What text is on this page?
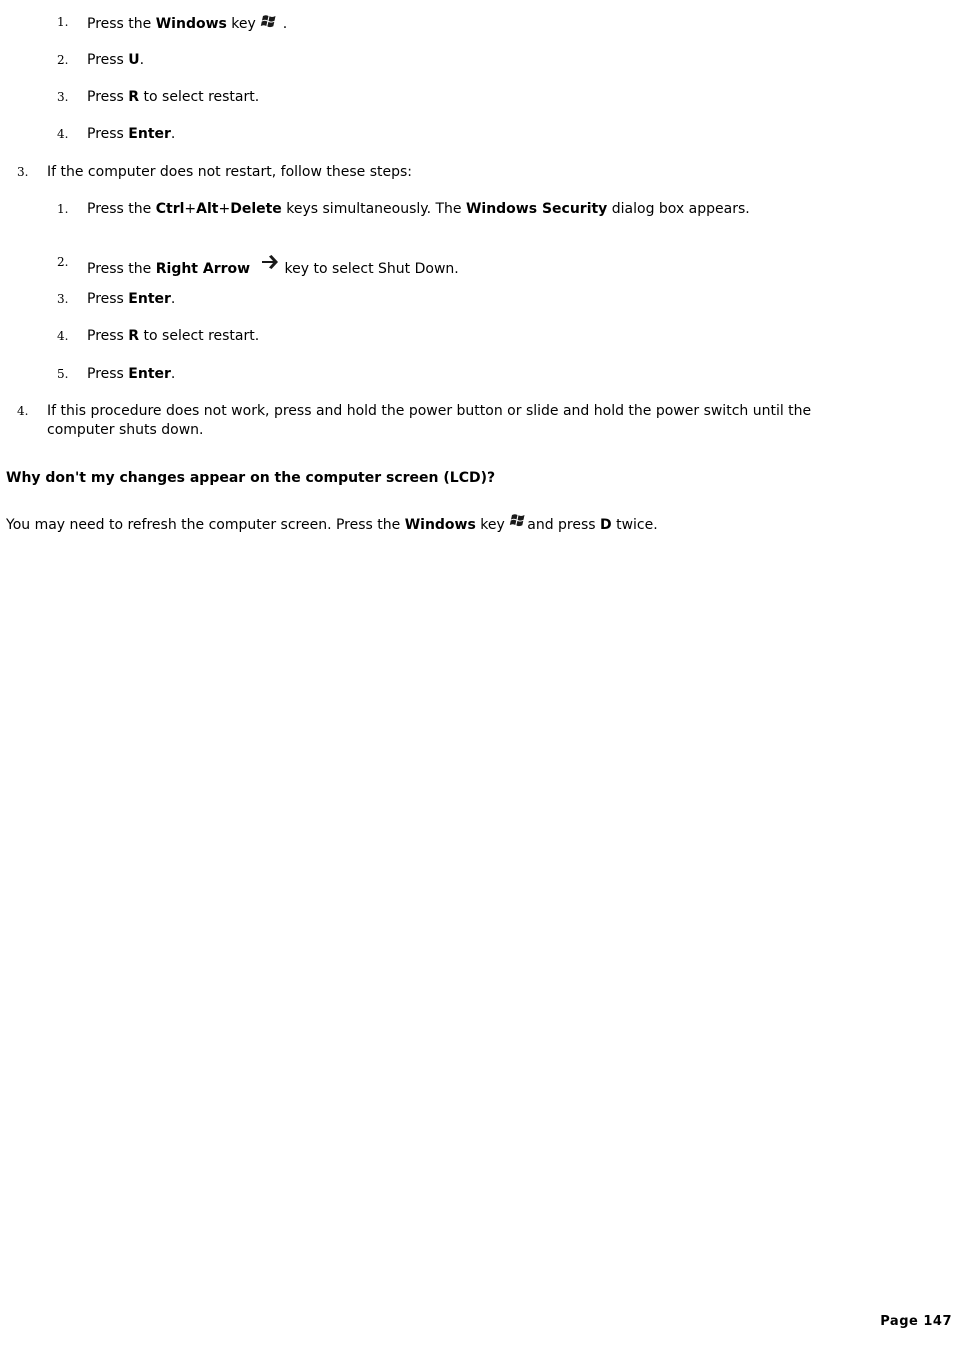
1. Press the Windows key  .
2. Press U.
3. Press R to select restart.
4. Press Enter.
3. If the computer does not restart, follow these steps:
1. Press the Ctrl+Alt+Delete keys simultaneously. The Windows Security dialog box appears.
2. Press the Right Arrow key to select Shut Down.
3. Press Enter.
4. Press R to select restart.
5. Press Enter.
4. If this procedure does not work, press and hold the power button or slide and hold the power switch until the
computer shuts down.
Why don't my changes appear on the computer screen (LCD)?
You may need to refresh the computer screen. Press the Windows key and press D twice.
Page 147
